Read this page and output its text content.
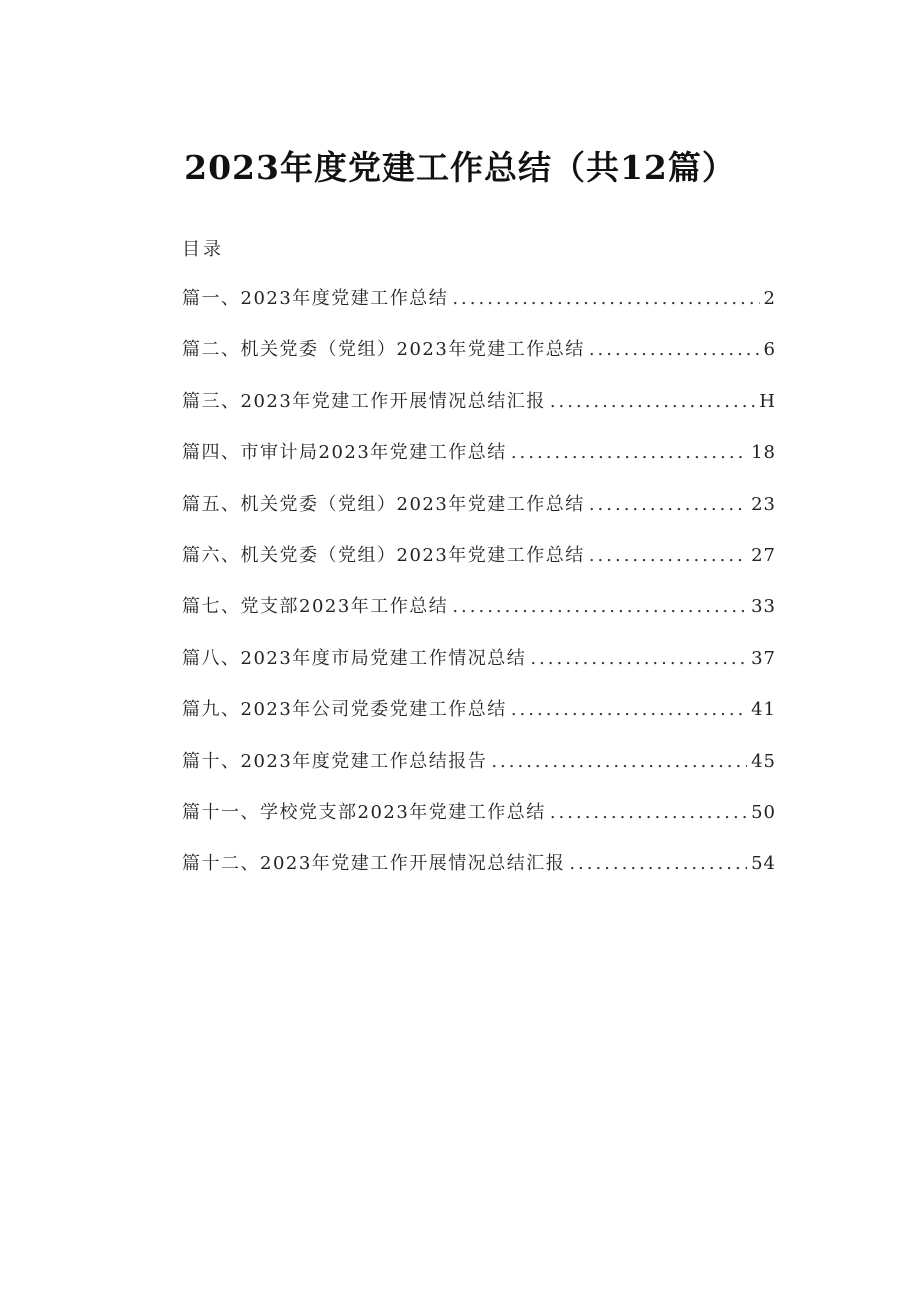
2023年度党建工作总结（共12篇）
目录
篇一、2023年度党建工作总结 .....	2
篇二、机关党委（党组）2023年党建工作总结 .....	6
篇三、2023年党建工作开展情况总结汇报 .....	H
篇四、市审计局2023年党建工作总结 .....	18
篇五、机关党委（党组）2023年党建工作总结 .....	23
篇六、机关党委（党组）2023年党建工作总结 .....	27
篇七、党支部2023年工作总结 .....	33
篇八、2023年度市局党建工作情况总结 .....	37
篇九、2023年公司党委党建工作总结 .....	41
篇十、2023年度党建工作总结报告 .....	45
篇十一、学校党支部2023年党建工作总结 .....	50
篇十二、2023年党建工作开展情况总结汇报 .....	54
